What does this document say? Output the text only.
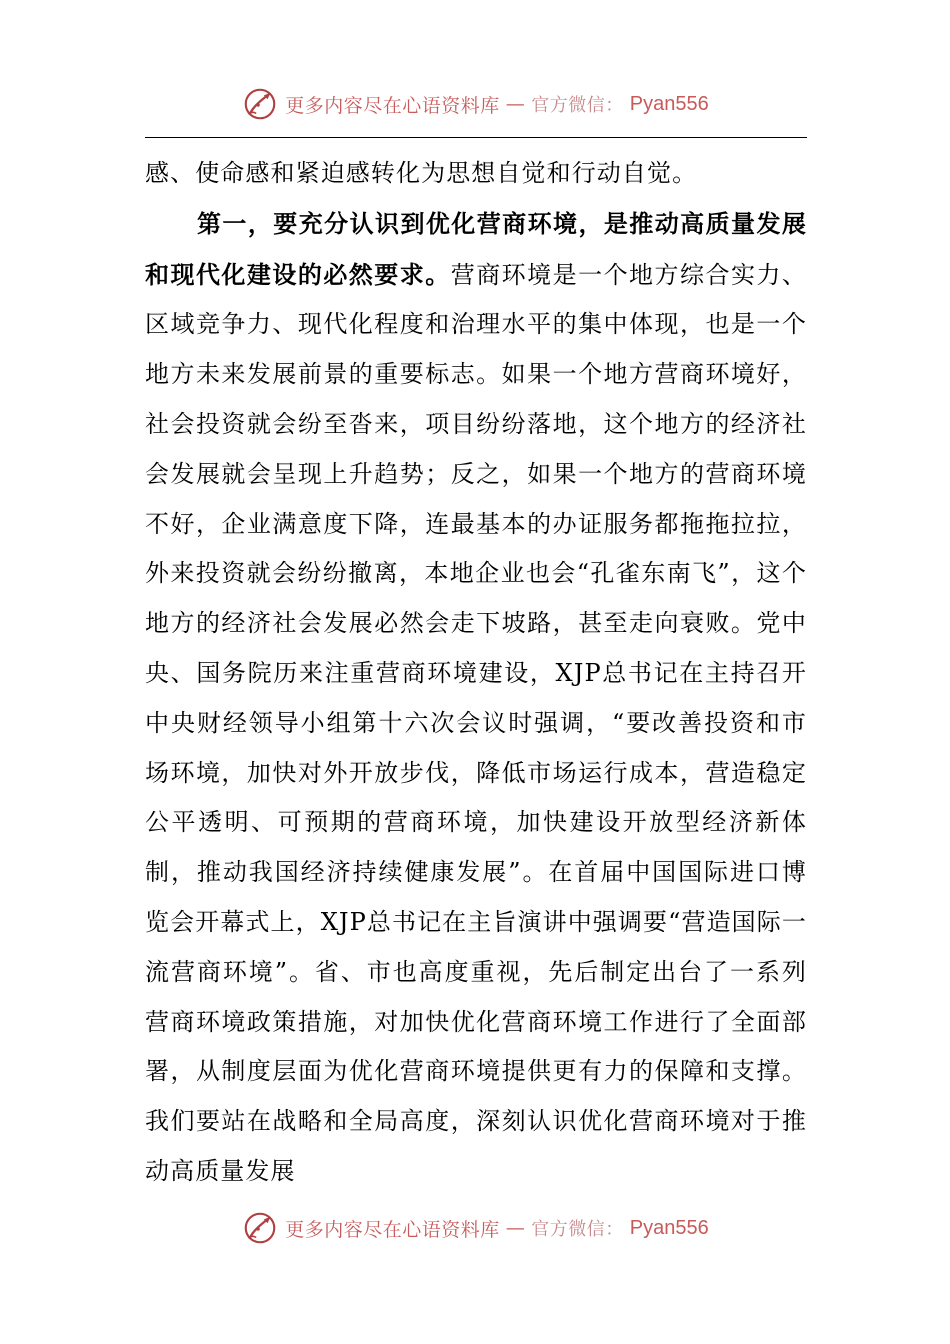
更多内容尽在心语资料库 — 官方微信： Pyan556

感、使命感和紧迫感转化为思想自觉和行动自觉。

第一，要充分认识到优化营商环境，是推动高质量发展和现代化建设的必然要求。营商环境是一个地方综合实力、区域竞争力、现代化程度和治理水平的集中体现，也是一个地方未来发展前景的重要标志。如果一个地方营商环境好，社会投资就会纷至沓来，项目纷纷落地，这个地方的经济社会发展就会呈现上升趋势；反之，如果一个地方的营商环境不好，企业满意度下降，连最基本的办证服务都拖拖拉拉，外来投资就会纷纷撤离，本地企业也会“孔雀东南飞”，这个地方的经济社会发展必然会走下坡路，甚至走向衰败。党中央、国务院历来注重营商环境建设，XJP总书记在主持召开中央财经领导小组第十六次会议时强调，“要改善投资和市场环境，加快对外开放步伐，降低市场运行成本，营造稳定公平透明、可预期的营商环境，加快建设开放型经济新体制，推动我国经济持续健康发展”。在首届中国国际进口博览会开幕式上，XJP总书记在主旨演讲中强调要“营造国际一流营商环境”。省、市也高度重视，先后制定出台了一系列营商环境政策措施，对加快优化营商环境工作进行了全面部署，从制度层面为优化营商环境提供更有力的保障和支撑。我们要站在战略和全局高度，深刻认识优化营商环境对于推动高质量发展

更多内容尽在心语资料库 — 官方微信： Pyan556
